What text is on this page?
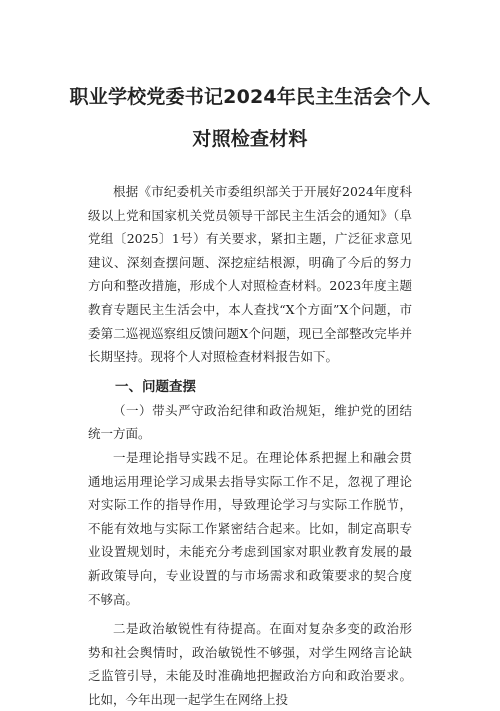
职业学校党委书记2024年民主生活会个人
对照检查材料

根据《市纪委机关市委组织部关于开展好2024年度科级以上党和国家机关党员领导干部民主生活会的通知》（阜党组〔2025〕1号）有关要求，紧扣主题，广泛征求意见建议、深刻查摆问题、深挖症结根源，明确了今后的努力方向和整改措施，形成个人对照检查材料。2023年度主题教育专题民主生活会中，本人查找“X个方面”X个问题，市委第二巡视巡察组反馈问题X个问题，现已全部整改完毕并长期坚持。现将个人对照检查材料报告如下。

一、问题查摆

（一）带头严守政治纪律和政治规矩，维护党的团结统一方面。

一是理论指导实践不足。在理论体系把握上和融会贯通地运用理论学习成果去指导实际工作不足，忽视了理论对实际工作的指导作用，导致理论学习与实际工作脱节，不能有效地与实际工作紧密结合起来。比如，制定高职专业设置规划时，未能充分考虑到国家对职业教育发展的最新政策导向，专业设置的与市场需求和政策要求的契合度不够高。

二是政治敏锐性有待提高。在面对复杂多变的政治形势和社会舆情时，政治敏锐性不够强，对学生网络言论缺乏监管引导，未能及时准确地把握政治方向和政治要求。比如，今年出现一起学生在网络上投
